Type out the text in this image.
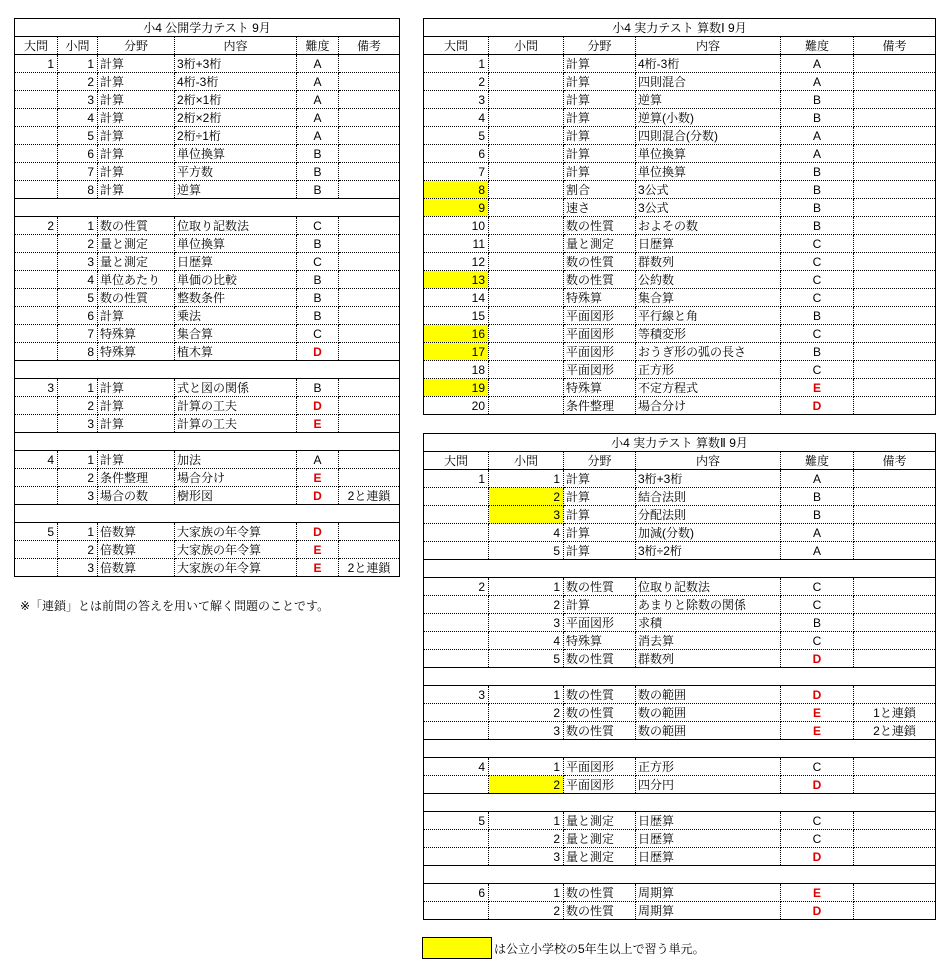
小4 公開学力テスト 9月					
大問	小問	分野	内容	難度	備考
1	1	計算	3桁+3桁	A	
	2	計算	4桁-3桁	A	
	3	計算	2桁×1桁	A	
	4	計算	2桁×2桁	A	
	5	計算	2桁÷1桁	A	
	6	計算	単位換算	B	
	7	計算	平方数	B	
	8	計算	逆算	B	

2	1	数の性質	位取り記数法	C	
	2	量と測定	単位換算	B	
	3	量と測定	日歴算	C	
	4	単位あたり	単価の比較	B	
	5	数の性質	整数条件	B	
	6	計算	乗法	B	
	7	特殊算	集合算	C	
	8	特殊算	植木算	D	

3	1	計算	式と図の関係	B	
	2	計算	計算の工夫	D	
	3	計算	計算の工夫	E	

4	1	計算	加法	A	
	2	条件整理	場合分け	E	
	3	場合の数	樹形図	D	2と連鎖

5	1	倍数算	大家族の年令算	D	
	2	倍数算	大家族の年令算	E	
	3	倍数算	大家族の年令算	E	2と連鎖
小4 実力テスト 算数Ⅰ 9月					
大問	小問	分野	内容	難度	備考
1		計算	4桁-3桁	A	
2		計算	四則混合	A	
3		計算	逆算	B	
4		計算	逆算(小数)	B	
5		計算	四則混合(分数)	A	
6		計算	単位換算	A	
7		計算	単位換算	B	
8		割合	3公式	B	
9		速さ	3公式	B	
10		数の性質	およその数	B	
11		量と測定	日歴算	C	
12		数の性質	群数列	C	
13		数の性質	公約数	C	
14		特殊算	集合算	C	
15		平面図形	平行線と角	B	
16		平面図形	等積変形	C	
17		平面図形	おうぎ形の弧の長さ	B	
18		平面図形	正方形	C	
19		特殊算	不定方程式	E	
20		条件整理	場合分け	D	
小4 実力テスト 算数Ⅱ 9月					
大問	小問	分野	内容	難度	備考
1	1	計算	3桁+3桁	A	
	2	計算	結合法則	B	
	3	計算	分配法則	B	
	4	計算	加減(分数)	A	
	5	計算	3桁÷2桁	A	

2	1	数の性質	位取り記数法	C	
	2	計算	あまりと除数の関係	C	
	3	平面図形	求積	B	
	4	特殊算	消去算	C	
	5	数の性質	群数列	D	

3	1	数の性質	数の範囲	D	
	2	数の性質	数の範囲	E	1と連鎖
	3	数の性質	数の範囲	E	2と連鎖

4	1	平面図形	正方形	C	
	2	平面図形	四分円	D	

5	1	量と測定	日歴算	C	
	2	量と測定	日歴算	C	
	3	量と測定	日歴算	D	

6	1	数の性質	周期算	E	
	2	数の性質	周期算	D	
※「連鎖」とは前問の答えを用いて解く問題のことです。
は公立小学校の5年生以上で習う単元。
